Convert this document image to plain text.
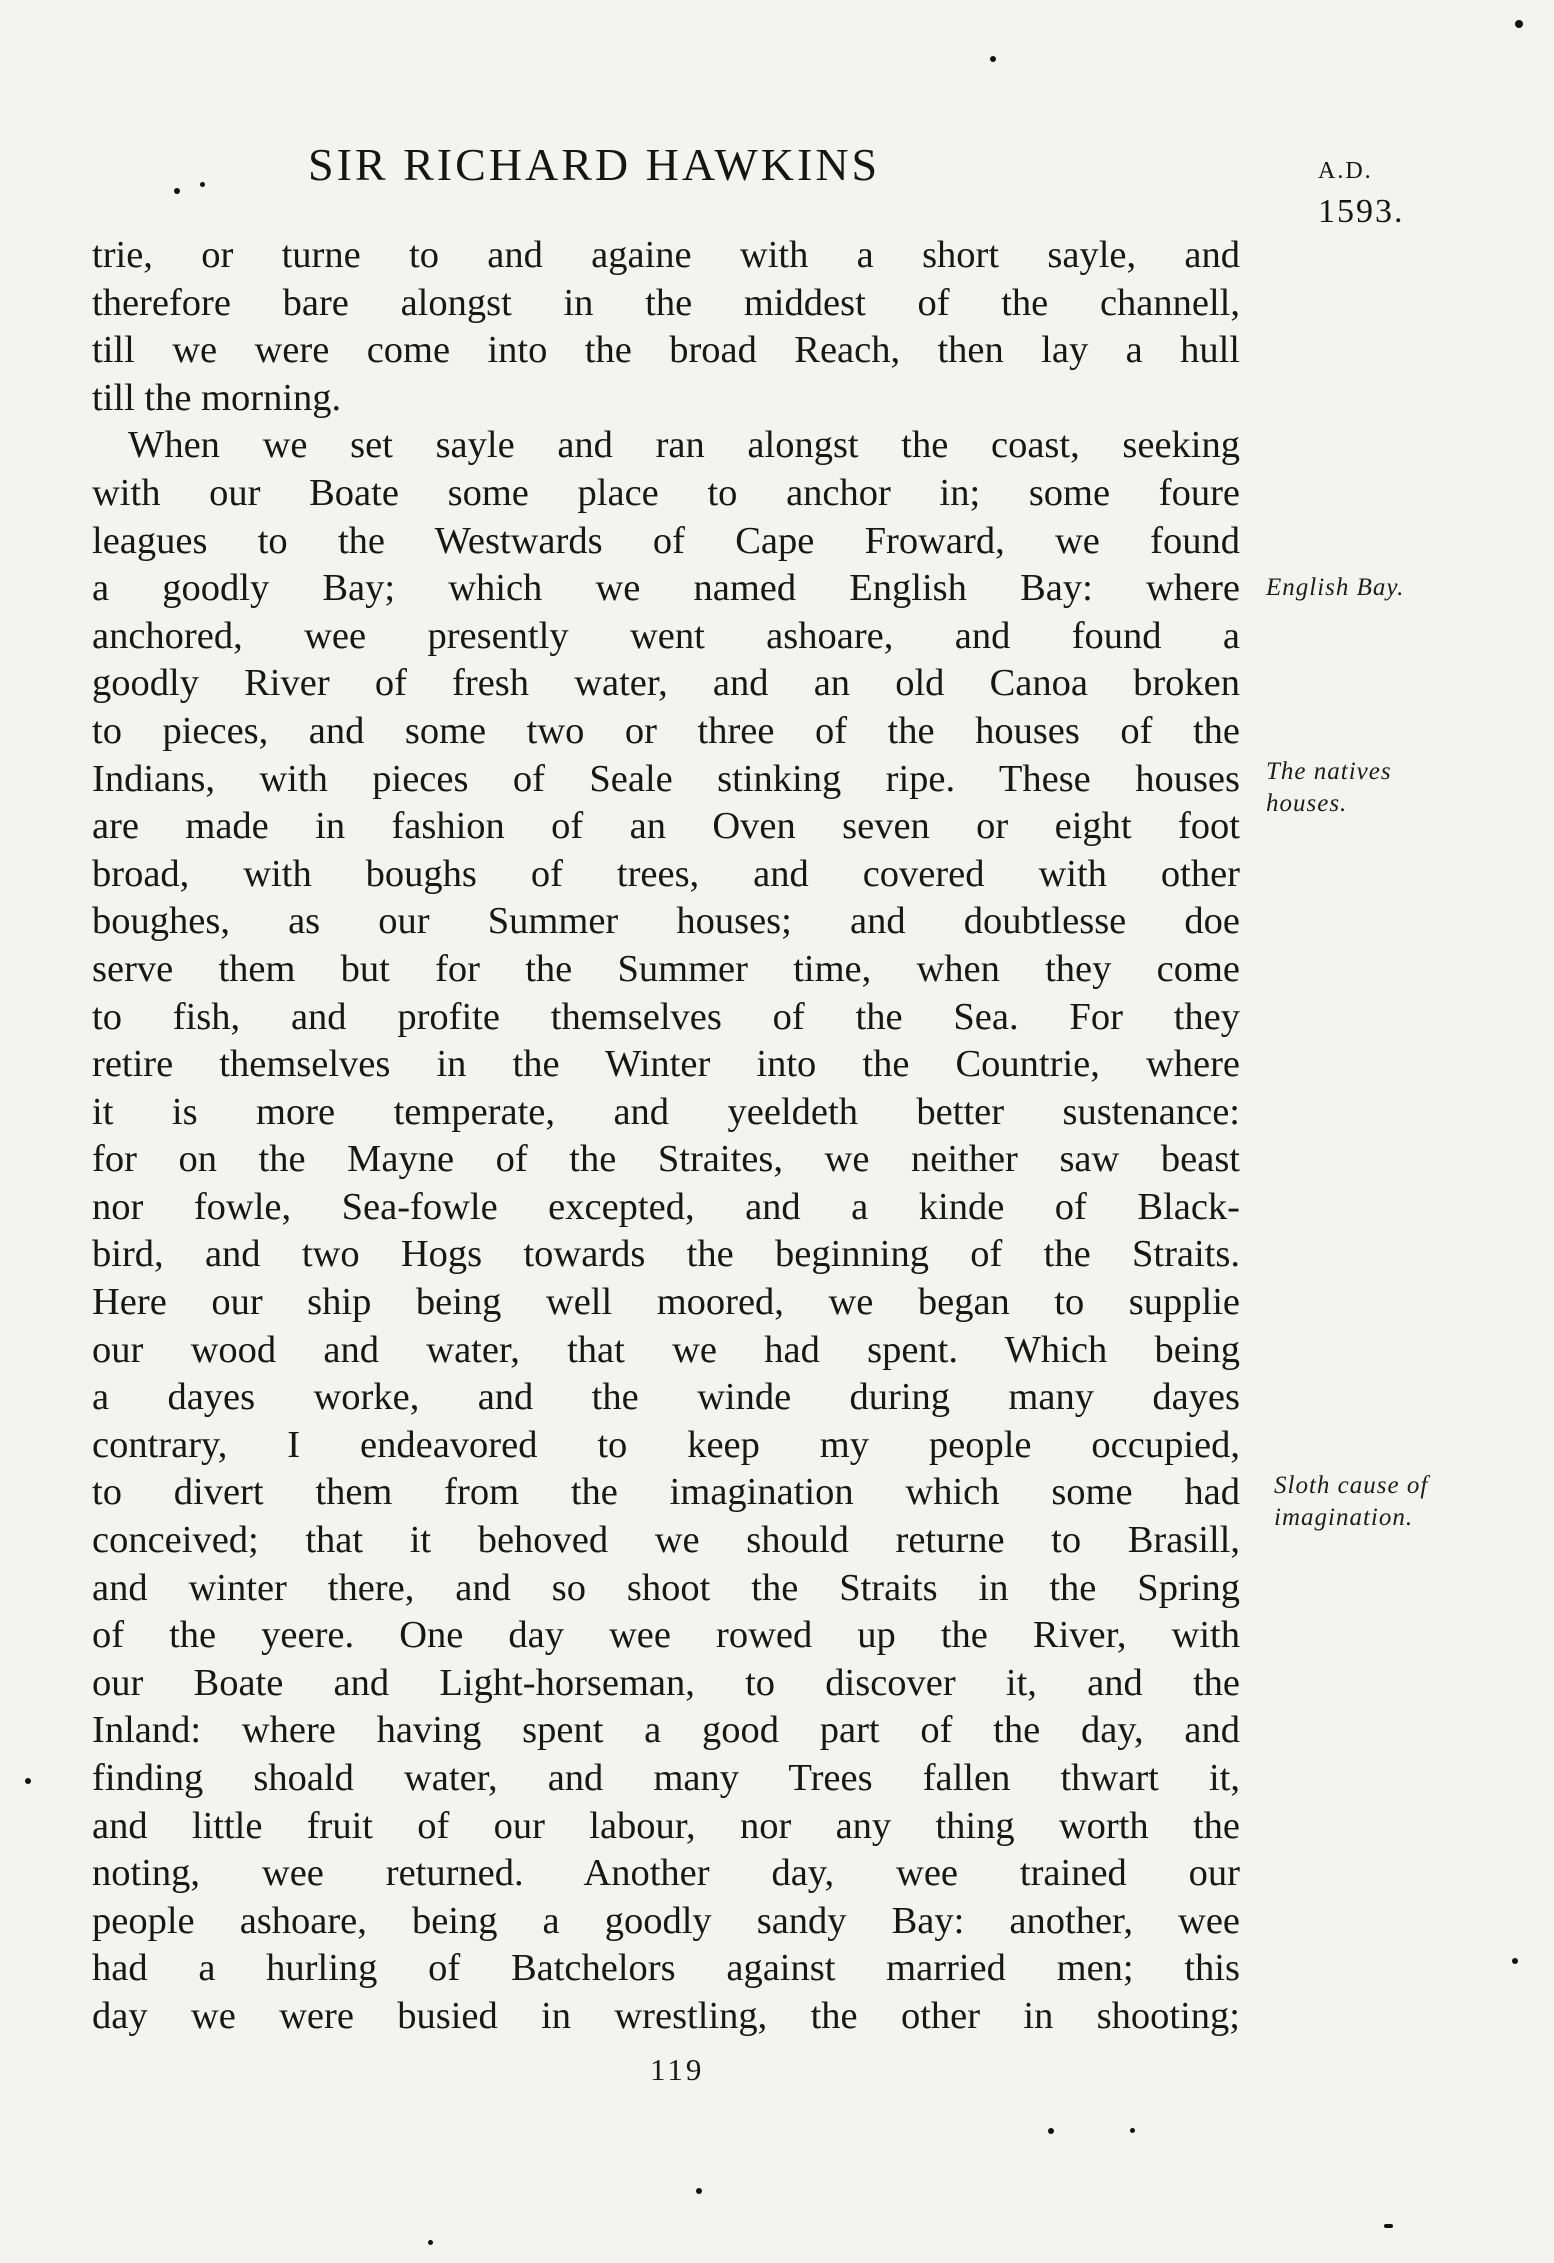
SIR RICHARD HAWKINS	A.D.
1593.
trie, or turne to and againe with a short sayle, and
therefore bare alongst in the middest of the channell,
till we were come into the broad Reach, then lay a hull
till the morning.
When we set sayle and ran alongst the coast, seeking
with our Boate some place to anchor in; some foure
leagues to the Westwards of Cape Froward, we found
a goodly Bay; which we named English Bay: where
anchored, wee presently went ashoare, and found a
goodly River of fresh water, and an old Canoa broken
to pieces, and some two or three of the houses of the
Indians, with pieces of Seale stinking ripe. These houses
are made in fashion of an Oven seven or eight foot
broad, with boughs of trees, and covered with other
boughes, as our Summer houses; and doubtlesse doe
serve them but for the Summer time, when they come
to fish, and profite themselves of the Sea. For they
retire themselves in the Winter into the Countrie, where
it is more temperate, and yeeldeth better sustenance:
for on the Mayne of the Straites, we neither saw beast
nor fowle, Sea-fowle excepted, and a kinde of Black-
bird, and two Hogs towards the beginning of the Straits.
Here our ship being well moored, we began to supplie
our wood and water, that we had spent. Which being
a dayes worke, and the winde during many dayes
contrary, I endeavored to keep my people occupied,
to divert them from the imagination which some had
conceived; that it behoved we should returne to Brasill,
and winter there, and so shoot the Straits in the Spring
of the yeere. One day wee rowed up the River, with
our Boate and Light-horseman, to discover it, and the
Inland: where having spent a good part of the day, and
finding shoald water, and many Trees fallen thwart it,
and little fruit of our labour, nor any thing worth the
noting, wee returned. Another day, wee trained our
people ashoare, being a goodly sandy Bay: another, wee
had a hurling of Batchelors against married men; this
day we were busied in wrestling, the other in shooting;
English Bay.
The natives
houses.
Sloth cause of
imagination.
119
